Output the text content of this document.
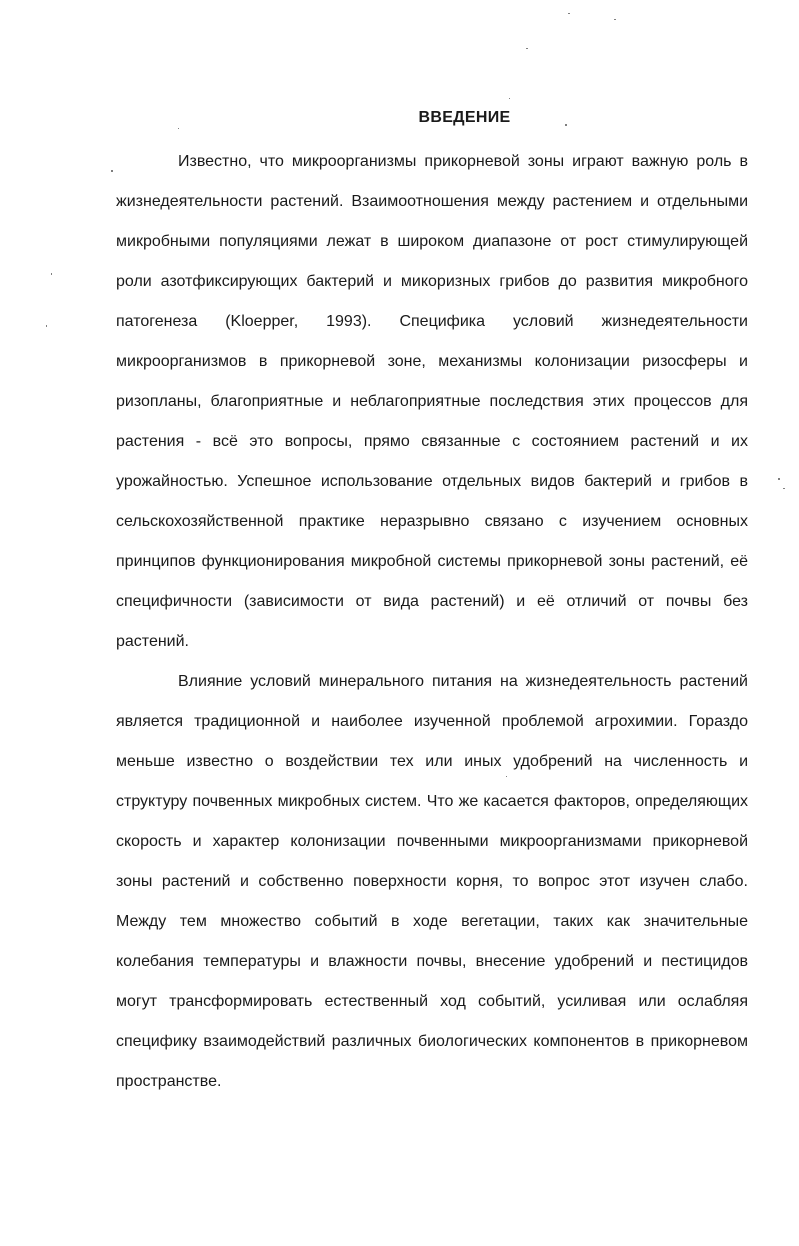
ВВЕДЕНИЕ

Известно, что микроорганизмы прикорневой зоны играют важную роль в жизнедеятельности растений. Взаимоотношения между растением и отдельными микробными популяциями лежат в широком диапазоне от рост стимулирующей роли азотфиксирующих бактерий и микоризных грибов до развития микробного патогенеза (Kloepper, 1993). Специфика условий жизнедеятельности микроорганизмов в прикорневой зоне, механизмы колонизации ризосферы и ризопланы, благоприятные и неблагоприятные последствия этих процессов для растения - всё это вопросы, прямо связанные с состоянием растений и их урожайностью. Успешное использование отдельных видов бактерий и грибов в сельскохозяйственной практике неразрывно связано с изучением основных принципов функционирования микробной системы прикорневой зоны растений, её специфичности (зависимости от вида растений) и её отличий от почвы без растений.

Влияние условий минерального питания на жизнедеятельность растений является традиционной и наиболее изученной проблемой агрохимии. Гораздо меньше известно о воздействии тех или иных удобрений на численность и структуру почвенных микробных систем. Что же касается факторов, определяющих скорость и характер колонизации почвенными микроорганизмами прикорневой зоны растений и собственно поверхности корня, то вопрос этот изучен слабо. Между тем множество событий в ходе вегетации, таких как значительные колебания температуры и влажности почвы, внесение удобрений и пестицидов могут трансформировать естественный ход событий, усиливая или ослабляя специфику взаимодействий различных биологических компонентов в прикорневом пространстве.
